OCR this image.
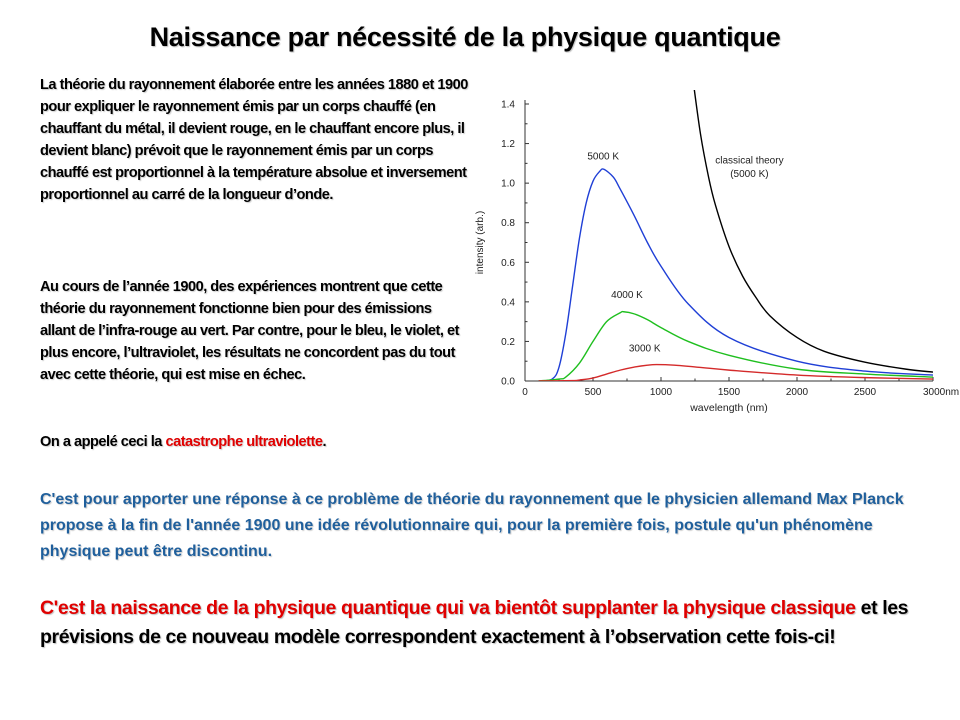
Naissance par nécessité de la physique quantique
La théorie du rayonnement élaborée entre les années 1880 et 1900 pour expliquer le rayonnement émis par un corps chauffé (en chauffant du métal, il devient rouge, en le chauffant encore plus, il devient blanc) prévoit que le rayonnement émis par un corps chauffé est proportionnel à la température absolue et inversement proportionnel au carré de la longueur d’onde.
Au cours de l’année 1900, des expériences montrent que cette théorie du rayonnement fonctionne bien pour des émissions allant de l’infra-rouge au vert. Par contre, pour le bleu, le violet, et plus encore, l’ultraviolet, les résultats ne concordent pas du tout avec cette théorie, qui est mise en échec.
On a appelé ceci la catastrophe ultraviolette.
0.0
0.2
0.4
0.6
0.8
1.0
1.2
1.4
0	500	1000	1500	2000	2500	3000nm
wavelength (nm)
intensity (arb.)
5000 K
4000 K
3000 K
classical theory
(5000 K)
C'est pour apporter une réponse à ce problème de théorie du rayonnement que le physicien allemand Max Planck propose à la fin de l'année 1900 une idée révolutionnaire qui, pour la première fois, postule qu'un phénomène physique peut être discontinu.
C'est la naissance de la physique quantique qui va bientôt supplanter la physique classique et les prévisions de ce nouveau modèle correspondent exactement à l’observation cette fois-ci!
